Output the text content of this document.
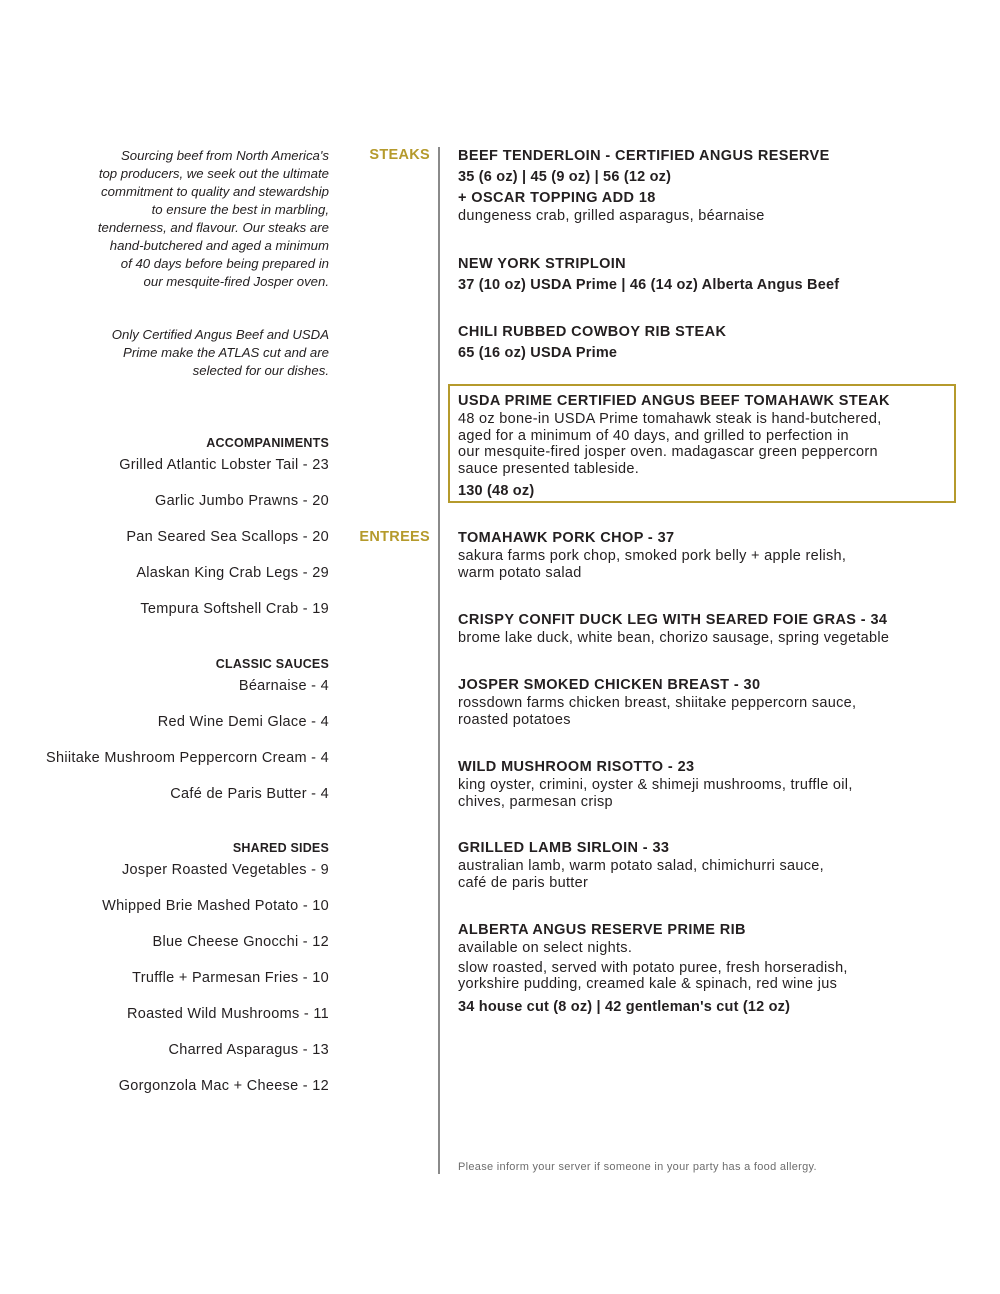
Sourcing beef from North America's
top producers, we seek out the ultimate
commitment to quality and stewardship
to ensure the best in marbling,
tenderness, and flavour. Our steaks are
hand-butchered and aged a minimum
of 40 days before being prepared in
our mesquite-fired Josper oven.
Only Certified Angus Beef and USDA
Prime make the ATLAS cut and are
selected for our dishes.
ACCOMPANIMENTS
Grilled Atlantic Lobster Tail - 23
Garlic Jumbo Prawns - 20
Pan Seared Sea Scallops - 20
Alaskan King Crab Legs - 29
Tempura Softshell Crab - 19
CLASSIC SAUCES
Béarnaise - 4
Red Wine Demi Glace - 4
Shiitake Mushroom Peppercorn Cream - 4
Café de Paris Butter - 4
SHARED SIDES
Josper Roasted Vegetables - 9
Whipped Brie Mashed Potato - 10
Blue Cheese Gnocchi - 12
Truffle + Parmesan Fries - 10
Roasted Wild Mushrooms - 11
Charred Asparagus - 13
Gorgonzola Mac + Cheese - 12
STEAKS
ENTREES
BEEF TENDERLOIN - CERTIFIED ANGUS RESERVE
35 (6 oz) | 45 (9 oz) | 56 (12 oz)
+ OSCAR TOPPING ADD 18
dungeness crab, grilled asparagus, béarnaise
NEW YORK STRIPLOIN
37 (10 oz) USDA Prime | 46 (14 oz) Alberta Angus Beef
CHILI RUBBED COWBOY RIB STEAK
65 (16 oz) USDA Prime
USDA PRIME CERTIFIED ANGUS BEEF TOMAHAWK STEAK
48 oz bone-in USDA Prime tomahawk steak is hand-butchered,
aged for a minimum of 40 days, and grilled to perfection in
our mesquite-fired josper oven. madagascar green peppercorn
sauce presented tableside.
130 (48 oz)
TOMAHAWK PORK CHOP - 37
sakura farms pork chop, smoked pork belly + apple relish,
warm potato salad
CRISPY CONFIT DUCK LEG WITH SEARED FOIE GRAS - 34
brome lake duck, white bean, chorizo sausage, spring vegetable
JOSPER SMOKED CHICKEN BREAST - 30
rossdown farms chicken breast, shiitake peppercorn sauce,
roasted potatoes
WILD MUSHROOM RISOTTO - 23
king oyster, crimini, oyster & shimeji mushrooms, truffle oil,
chives, parmesan crisp
GRILLED LAMB SIRLOIN - 33
australian lamb, warm potato salad, chimichurri sauce,
café de paris butter
ALBERTA ANGUS RESERVE PRIME RIB
available on select nights.
slow roasted, served with potato puree, fresh horseradish,
yorkshire pudding, creamed kale & spinach, red wine jus
34 house cut (8 oz) | 42 gentleman's cut (12 oz)
Please inform your server if someone in your party has a food allergy.
